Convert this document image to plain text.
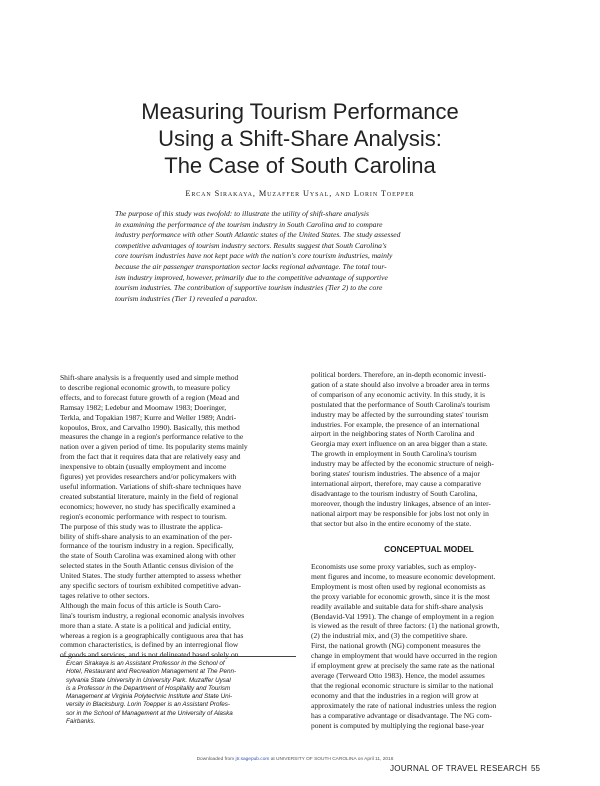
Measuring Tourism Performance
Using a Shift-Share Analysis:
The Case of South Carolina
Ercan Sirakaya, Muzaffer Uysal, and Lorin Toepper
The purpose of this study was twofold: to illustrate the utility of shift-share analysis
in examining the performance of the tourism industry in South Carolina and to compare
industry performance with other South Atlantic states of the United States. The study assessed
competitive advantages of tourism industry sectors. Results suggest that South Carolina's
core tourism industries have not kept pace with the nation's core tourism industries, mainly
because the air passenger transportation sector lacks regional advantage. The total tour-
ism industry improved, however, primarily due to the competitive advantage of supportive
tourism industries. The contribution of supportive tourism industries (Tier 2) to the core
tourism industries (Tier 1) revealed a paradox.
Shift-share analysis is a frequently used and simple method
to describe regional economic growth, to measure policy
effects, and to forecast future growth of a region (Mead and
Ramsay 1982; Ledebur and Moomaw 1983; Doeringer,
Terkla, and Topakian 1987; Kurre and Weller 1989; Andri-
kopoulos, Brox, and Carvalho 1990). Basically, this method
measures the change in a region's performance relative to the
nation over a given period of time. Its popularity stems mainly
from the fact that it requires data that are relatively easy and
inexpensive to obtain (usually employment and income
figures) yet provides researchers and/or policymakers with
useful information. Variations of shift-share techniques have
created substantial literature, mainly in the field of regional
economics; however, no study has specifically examined a
region's economic performance with respect to tourism.
The purpose of this study was to illustrate the applica-
bility of shift-share analysis to an examination of the per-
formance of the tourism industry in a region. Specifically,
the state of South Carolina was examined along with other
selected states in the South Atlantic census division of the
United States. The study further attempted to assess whether
any specific sectors of tourism exhibited competitive advan-
tages relative to other sectors.
Although the main focus of this article is South Caro-
lina's tourism industry, a regional economic analysis involves
more than a state. A state is a political and judicial entity,
whereas a region is a geographically contiguous area that has
common characteristics, is defined by an interregional flow
of goods and services, and is not delineated based solely on
political borders. Therefore, an in-depth economic investi-
gation of a state should also involve a broader area in terms
of comparison of any economic activity. In this study, it is
postulated that the performance of South Carolina's tourism
industry may be affected by the surrounding states' tourism
industries. For example, the presence of an international
airport in the neighboring states of North Carolina and
Georgia may exert influence on an area bigger than a state.
The growth in employment in South Carolina's tourism
industry may be affected by the economic structure of neigh-
boring states' tourism industries. The absence of a major
international airport, therefore, may cause a comparative
disadvantage to the tourism industry of South Carolina,
moreover, though the industry linkages, absence of an inter-
national airport may be responsible for jobs lost not only in
that sector but also in the entire economy of the state.
CONCEPTUAL MODEL
Economists use some proxy variables, such as employ-
ment figures and income, to measure economic development.
Employment is most often used by regional economists as
the proxy variable for economic growth, since it is the most
readily available and suitable data for shift-share analysis
(Bendavid-Val 1991). The change of employment in a region
is viewed as the result of three factors: (1) the national growth,
(2) the industrial mix, and (3) the competitive share.
First, the national growth (NG) component measures the
change in employment that would have occurred in the region
if employment grew at precisely the same rate as the national
average (Terweard Otto 1983). Hence, the model assumes
that the regional economic structure is similar to the national
economy and that the industries in a region will grow at
approximately the rate of national industries unless the region
has a comparative advantage or disadvantage. The NG com-
ponent is computed by multiplying the regional base-year
Ercan Sirakaya is an Assistant Professor in the School of
Hotel, Restaurant and Recreation Management at The Penn-
sylvania State University in University Park. Muzaffer Uysal
is a Professor in the Department of Hospitality and Tourism
Management at Virginia Polytechnic Institute and State Uni-
versity in Blacksburg. Lorin Toepper is an Assistant Profes-
sor in the School of Management at the University of Alaska
Fairbanks.
Downloaded from jtr.sagepub.com at UNIVERSITY OF SOUTH CAROLINA on April 11, 2016
JOURNAL OF TRAVEL RESEARCH 55
